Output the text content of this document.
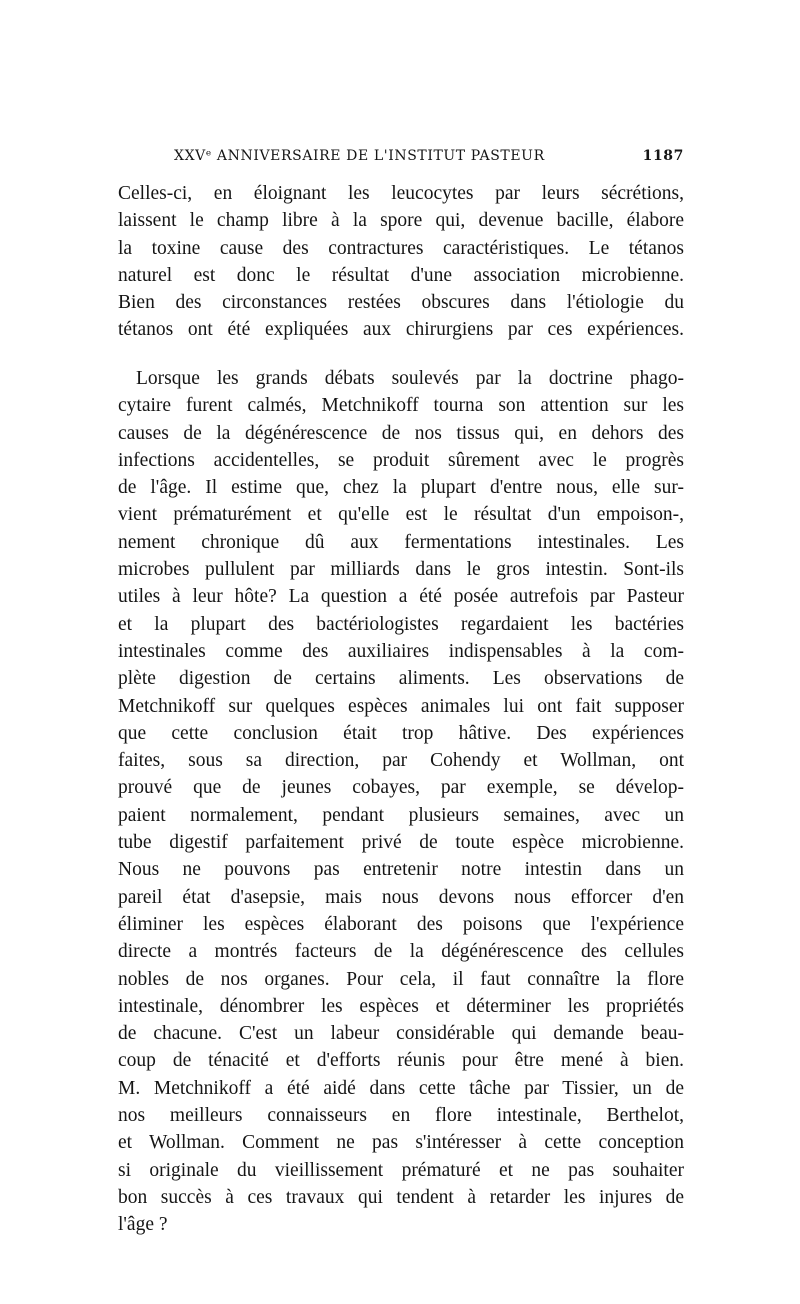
XXVᵉ ANNIVERSAIRE DE L'INSTITUT PASTEUR	1187
Celles-ci, en éloignant les leucocytes par leurs sécrétions,
laissent le champ libre à la spore qui, devenue bacille, élabore
la toxine cause des contractures caractéristiques. Le tétanos
naturel est donc le résultat d'une association microbienne.
Bien des circonstances restées obscures dans l'étiologie du
tétanos ont été expliquées aux chirurgiens par ces expériences.
Lorsque les grands débats soulevés par la doctrine phago-
cytaire furent calmés, Metchnikoff tourna son attention sur les
causes de la dégénérescence de nos tissus qui, en dehors des
infections accidentelles, se produit sûrement avec le progrès
de l'âge. Il estime que, chez la plupart d'entre nous, elle sur-
vient prématurément et qu'elle est le résultat d'un empoison-,
nement chronique dû aux fermentations intestinales. Les
microbes pullulent par milliards dans le gros intestin. Sont-ils
utiles à leur hôte? La question a été posée autrefois par Pasteur
et la plupart des bactériologistes regardaient les bactéries
intestinales comme des auxiliaires indispensables à la com-
plète digestion de certains aliments. Les observations de
Metchnikoff sur quelques espèces animales lui ont fait supposer
que cette conclusion était trop hâtive. Des expériences
faites, sous sa direction, par Cohendy et Wollman, ont
prouvé que de jeunes cobayes, par exemple, se dévelop-
paient normalement, pendant plusieurs semaines, avec un
tube digestif parfaitement privé de toute espèce microbienne.
Nous ne pouvons pas entretenir notre intestin dans un
pareil état d'asepsie, mais nous devons nous efforcer d'en
éliminer les espèces élaborant des poisons que l'expérience
directe a montrés facteurs de la dégénérescence des cellules
nobles de nos organes. Pour cela, il faut connaître la flore
intestinale, dénombrer les espèces et déterminer les propriétés
de chacune. C'est un labeur considérable qui demande beau-
coup de ténacité et d'efforts réunis pour être mené à bien.
M. Metchnikoff a été aidé dans cette tâche par Tissier, un de
nos meilleurs connaisseurs en flore intestinale, Berthelot,
et Wollman. Comment ne pas s'intéresser à cette conception
si originale du vieillissement prématuré et ne pas souhaiter
bon succès à ces travaux qui tendent à retarder les injures de
l'âge ?
